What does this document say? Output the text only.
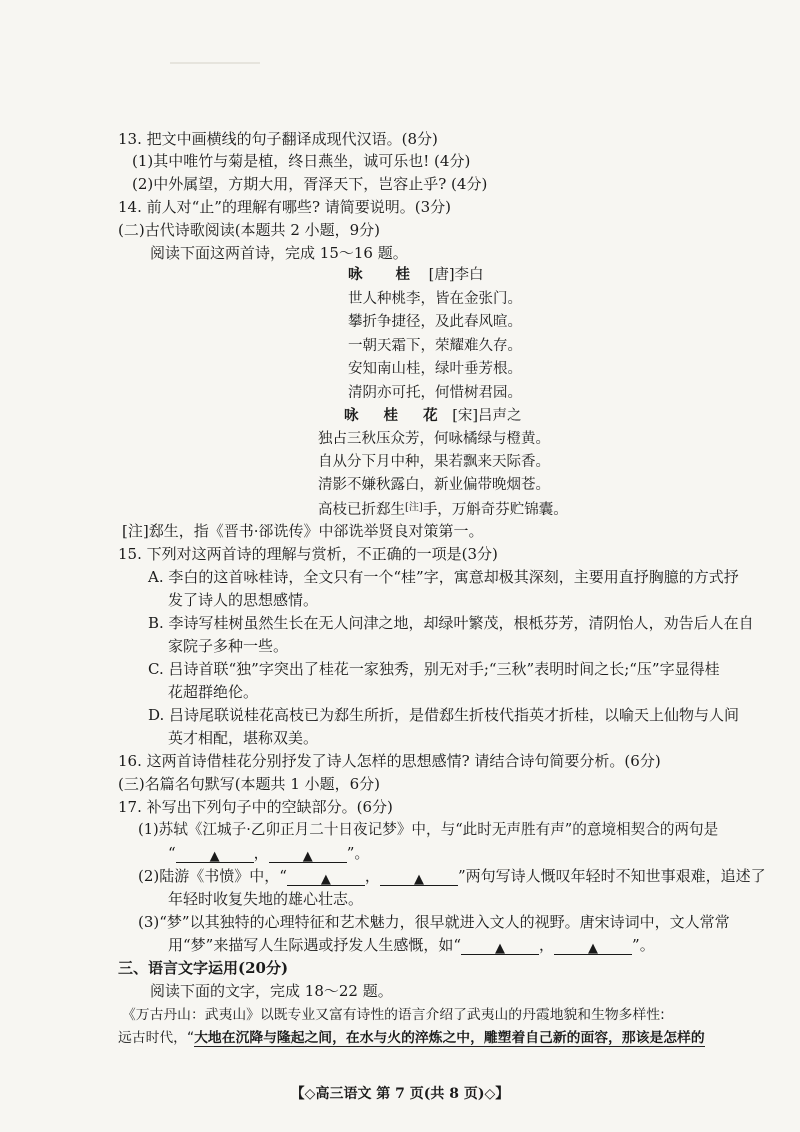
13. 把文中画横线的句子翻译成现代汉语。(8分)
(1)其中唯竹与菊是植，终日燕坐，诚可乐也! (4分)
(2)中外属望，方期大用，胥泽天下，岂容止乎? (4分)
14. 前人对“止”的理解有哪些? 请简要说明。(3分)
(二)古代诗歌阅读(本题共 2 小题，9分)
阅读下面这两首诗，完成 15～16 题。
咏 桂 [唐]李白
世人种桃李，皆在金张门。
攀折争捷径，及此春风暄。
一朝天霜下，荣耀难久存。
安知南山桂，绿叶垂芳根。
清阴亦可托，何惜树君园。
咏 桂 花 [宋]吕声之
独占三秋压众芳，何咏橘绿与橙黄。
自从分下月中种，果若飘来天际香。
清影不嫌秋露白，新业偏带晚烟苍。
高枝已折郄生[注]手，万斛奇芬贮锦囊。
[注]郄生，指《晋书·郤诜传》中郤诜举贤良对策第一。
15. 下列对这两首诗的理解与赏析，不正确的一项是(3分)
A. 李白的这首咏桂诗，全文只有一个“桂”字，寓意却极其深刻，主要用直抒胸臆的方式抒
发了诗人的思想感情。
B. 李诗写桂树虽然生长在无人问津之地，却绿叶繁茂，根柢芬芳，清阴怡人，劝告后人在自
家院子多种一些。
C. 吕诗首联“独”字突出了桂花一家独秀，别无对手;“三秋”表明时间之长;“压”字显得桂
花超群绝伦。
D. 吕诗尾联说桂花高枝已为郄生所折，是借郄生折枝代指英才折桂，以喻天上仙物与人间
英才相配，堪称双美。
16. 这两首诗借桂花分别抒发了诗人怎样的思想感情? 请结合诗句简要分析。(6分)
(三)名篇名句默写(本题共 1 小题，6分)
17. 补写出下列句子中的空缺部分。(6分)
(1)苏轼《江城子·乙卯正月二十日夜记梦》中，与“此时无声胜有声”的意境相契合的两句是
“	▲ ，	▲ ”。
(2)陆游《书愤》中，“	▲ ，	▲ ”两句写诗人慨叹年轻时不知世事艰难，追述了
年轻时收复失地的雄心壮志。
(3)“梦”以其独特的心理特征和艺术魅力，很早就进入文人的视野。唐宋诗词中，文人常常
用“梦”来描写人生际遇或抒发人生感慨，如“	▲ ，	▲ ”。
三、语言文字运用(20分)
阅读下面的文字，完成 18～22 题。
《万古丹山：武夷山》以既专业又富有诗性的语言介绍了武夷山的丹霞地貌和生物多样性:
远古时代，“大地在沉降与隆起之间，在水与火的淬炼之中，雕塑着自己新的面容，那该是怎样的
【◇高三语文 第 7 页(共 8 页)◇】
